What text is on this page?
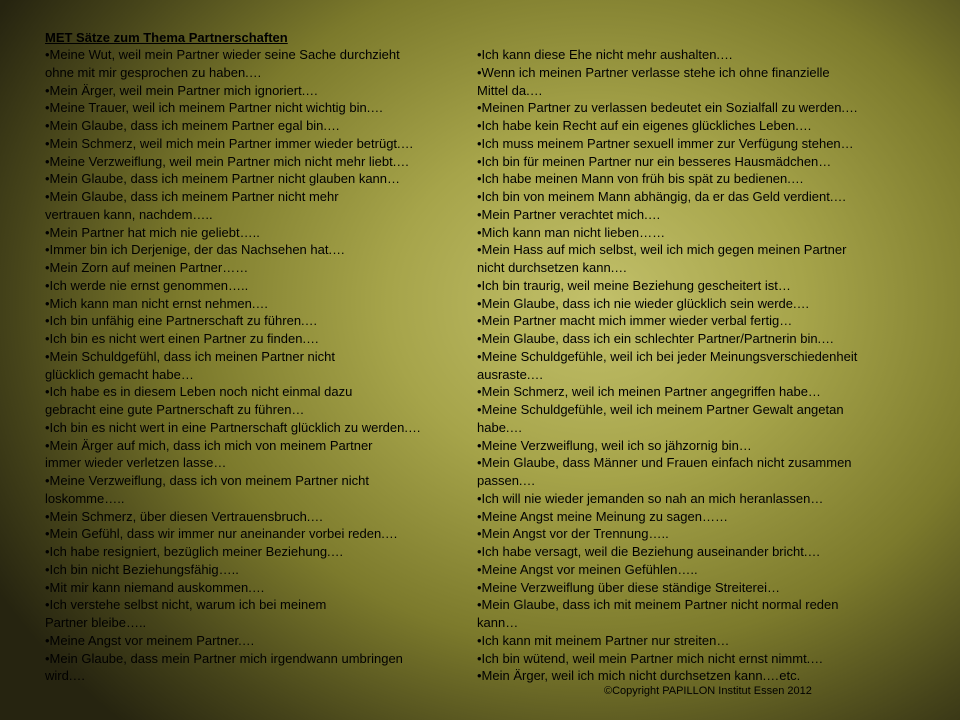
MET Sätze zum Thema Partnerschaften
•Meine Wut, weil mein Partner wieder seine Sache durchzieht
ohne mit mir gesprochen zu haben.…
•Mein Ärger, weil mein Partner mich ignoriert.…
•Meine Trauer, weil ich meinem Partner nicht wichtig bin.…
•Mein Glaube, dass ich meinem Partner egal bin.…
•Mein Schmerz, weil mich mein Partner immer wieder betrügt.…
•Meine Verzweiflung, weil mein Partner mich nicht mehr liebt.…
•Mein Glaube, dass ich meinem Partner nicht glauben kann…
•Mein Glaube, dass ich meinem Partner nicht mehr
vertrauen kann, nachdem…..
•Mein Partner hat mich nie geliebt…..
•Immer bin ich Derjenige, der das Nachsehen hat.…
•Mein Zorn auf meinen Partner……
•Ich werde nie ernst genommen…..
•Mich kann man nicht ernst nehmen.…
•Ich bin unfähig eine Partnerschaft zu führen.…
•Ich bin es nicht wert einen Partner zu finden.…
•Mein Schuldgefühl, dass ich meinen Partner nicht
glücklich gemacht habe…
•Ich habe es in diesem Leben noch nicht einmal dazu
gebracht eine gute Partnerschaft zu führen…
•Ich bin es nicht wert in eine Partnerschaft glücklich zu werden.…
•Mein Ärger auf mich, dass ich mich von meinem Partner
immer wieder verletzen lasse…
•Meine Verzweiflung, dass ich von meinem Partner nicht
loskomme…..
•Mein Schmerz, über diesen Vertrauensbruch.…
•Mein Gefühl, dass wir immer nur aneinander vorbei reden.…
•Ich habe resigniert, bezüglich meiner Beziehung.…
•Ich bin nicht Beziehungsfähig…..
•Mit mir kann niemand auskommen.…
•Ich verstehe selbst nicht, warum ich bei meinem
Partner bleibe…..
•Meine Angst vor meinem Partner.…
•Mein Glaube, dass mein Partner mich irgendwann umbringen
wird.…
•Ich kann diese Ehe nicht mehr aushalten.…
•Wenn ich meinen Partner verlasse stehe ich ohne finanzielle
Mittel da.…
•Meinen Partner zu verlassen bedeutet ein Sozialfall zu werden.…
•Ich habe kein Recht auf ein eigenes glückliches Leben.…
•Ich muss meinem Partner sexuell immer zur Verfügung stehen…
•Ich bin für meinen Partner nur ein besseres Hausmädchen…
•Ich habe meinen Mann von früh bis spät zu bedienen.…
•Ich bin von meinem Mann abhängig, da er das Geld verdient.…
•Mein Partner verachtet mich.…
•Mich kann man nicht lieben……
•Mein Hass auf mich selbst, weil ich mich gegen meinen Partner
nicht durchsetzen kann.…
•Ich bin traurig, weil meine Beziehung gescheitert ist…
•Mein Glaube, dass ich nie wieder glücklich sein werde.…
•Mein Partner macht mich immer wieder verbal fertig…
•Mein Glaube, dass ich ein schlechter Partner/Partnerin bin.…
•Meine Schuldgefühle, weil ich bei jeder Meinungsverschiedenheit
ausraste.…
•Mein Schmerz, weil ich meinen Partner angegriffen habe…
•Meine Schuldgefühle, weil ich meinem Partner Gewalt angetan
habe.…
•Meine Verzweiflung, weil ich so jähzornig bin…
•Mein Glaube, dass Männer und Frauen einfach nicht zusammen
passen.…
•Ich will nie wieder jemanden so nah an mich heranlassen…
•Meine Angst meine Meinung zu sagen……
•Mein Angst vor der Trennung…..
•Ich habe versagt, weil die Beziehung auseinander bricht.…
•Meine Angst vor meinen Gefühlen…..
•Meine Verzweiflung über diese ständige Streiterei…
•Mein Glaube, dass ich mit meinem Partner nicht normal reden
kann…
•Ich kann mit meinem Partner nur streiten…
•Ich bin wütend, weil mein Partner mich nicht ernst nimmt.…
•Mein Ärger, weil ich mich nicht durchsetzen kann.…etc.
©Copyright PAPILLON Institut Essen 2012
